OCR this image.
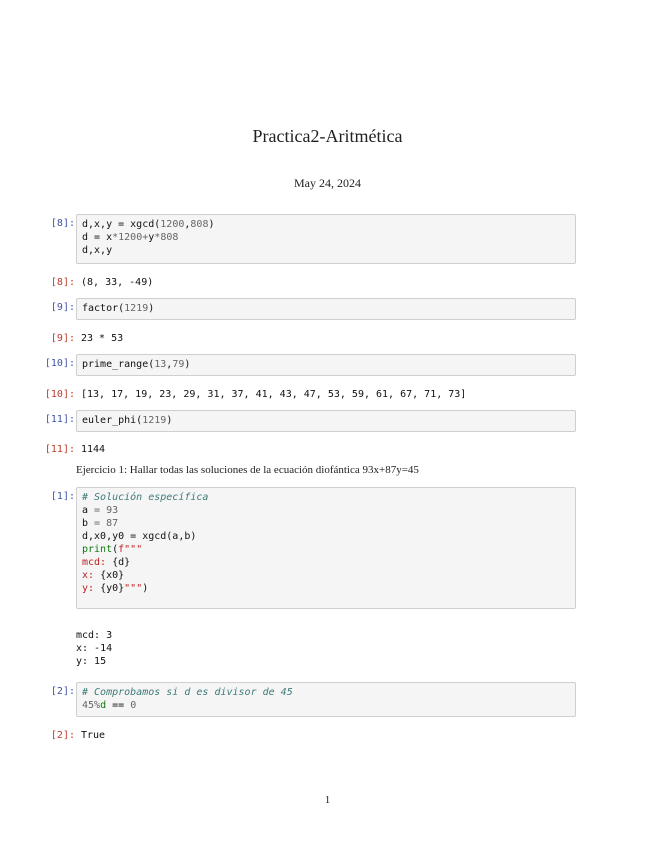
Practica2-Aritmética
May 24, 2024
[8]: d,x,y = xgcd(1200,808)
d = x*1200+y*808
d,x,y
[8]: (8, 33, -49)
[9]: factor(1219)
[9]: 23 * 53
[10]: prime_range(13,79)
[10]: [13, 17, 19, 23, 29, 31, 37, 41, 43, 47, 53, 59, 61, 67, 71, 73]
[11]: euler_phi(1219)
[11]: 1144
Ejercicio 1: Hallar todas las soluciones de la ecuación diofántica 93x+87y=45
[1]: # Solución específica
a = 93
b = 87
d,x0,y0 = xgcd(a,b)
print(f"""
mcd: {d}
x: {x0}
y: {y0}""")
mcd: 3
x: -14
y: 15
[2]: # Comprobamos si d es divisor de 45
45%d == 0
[2]: True
1
